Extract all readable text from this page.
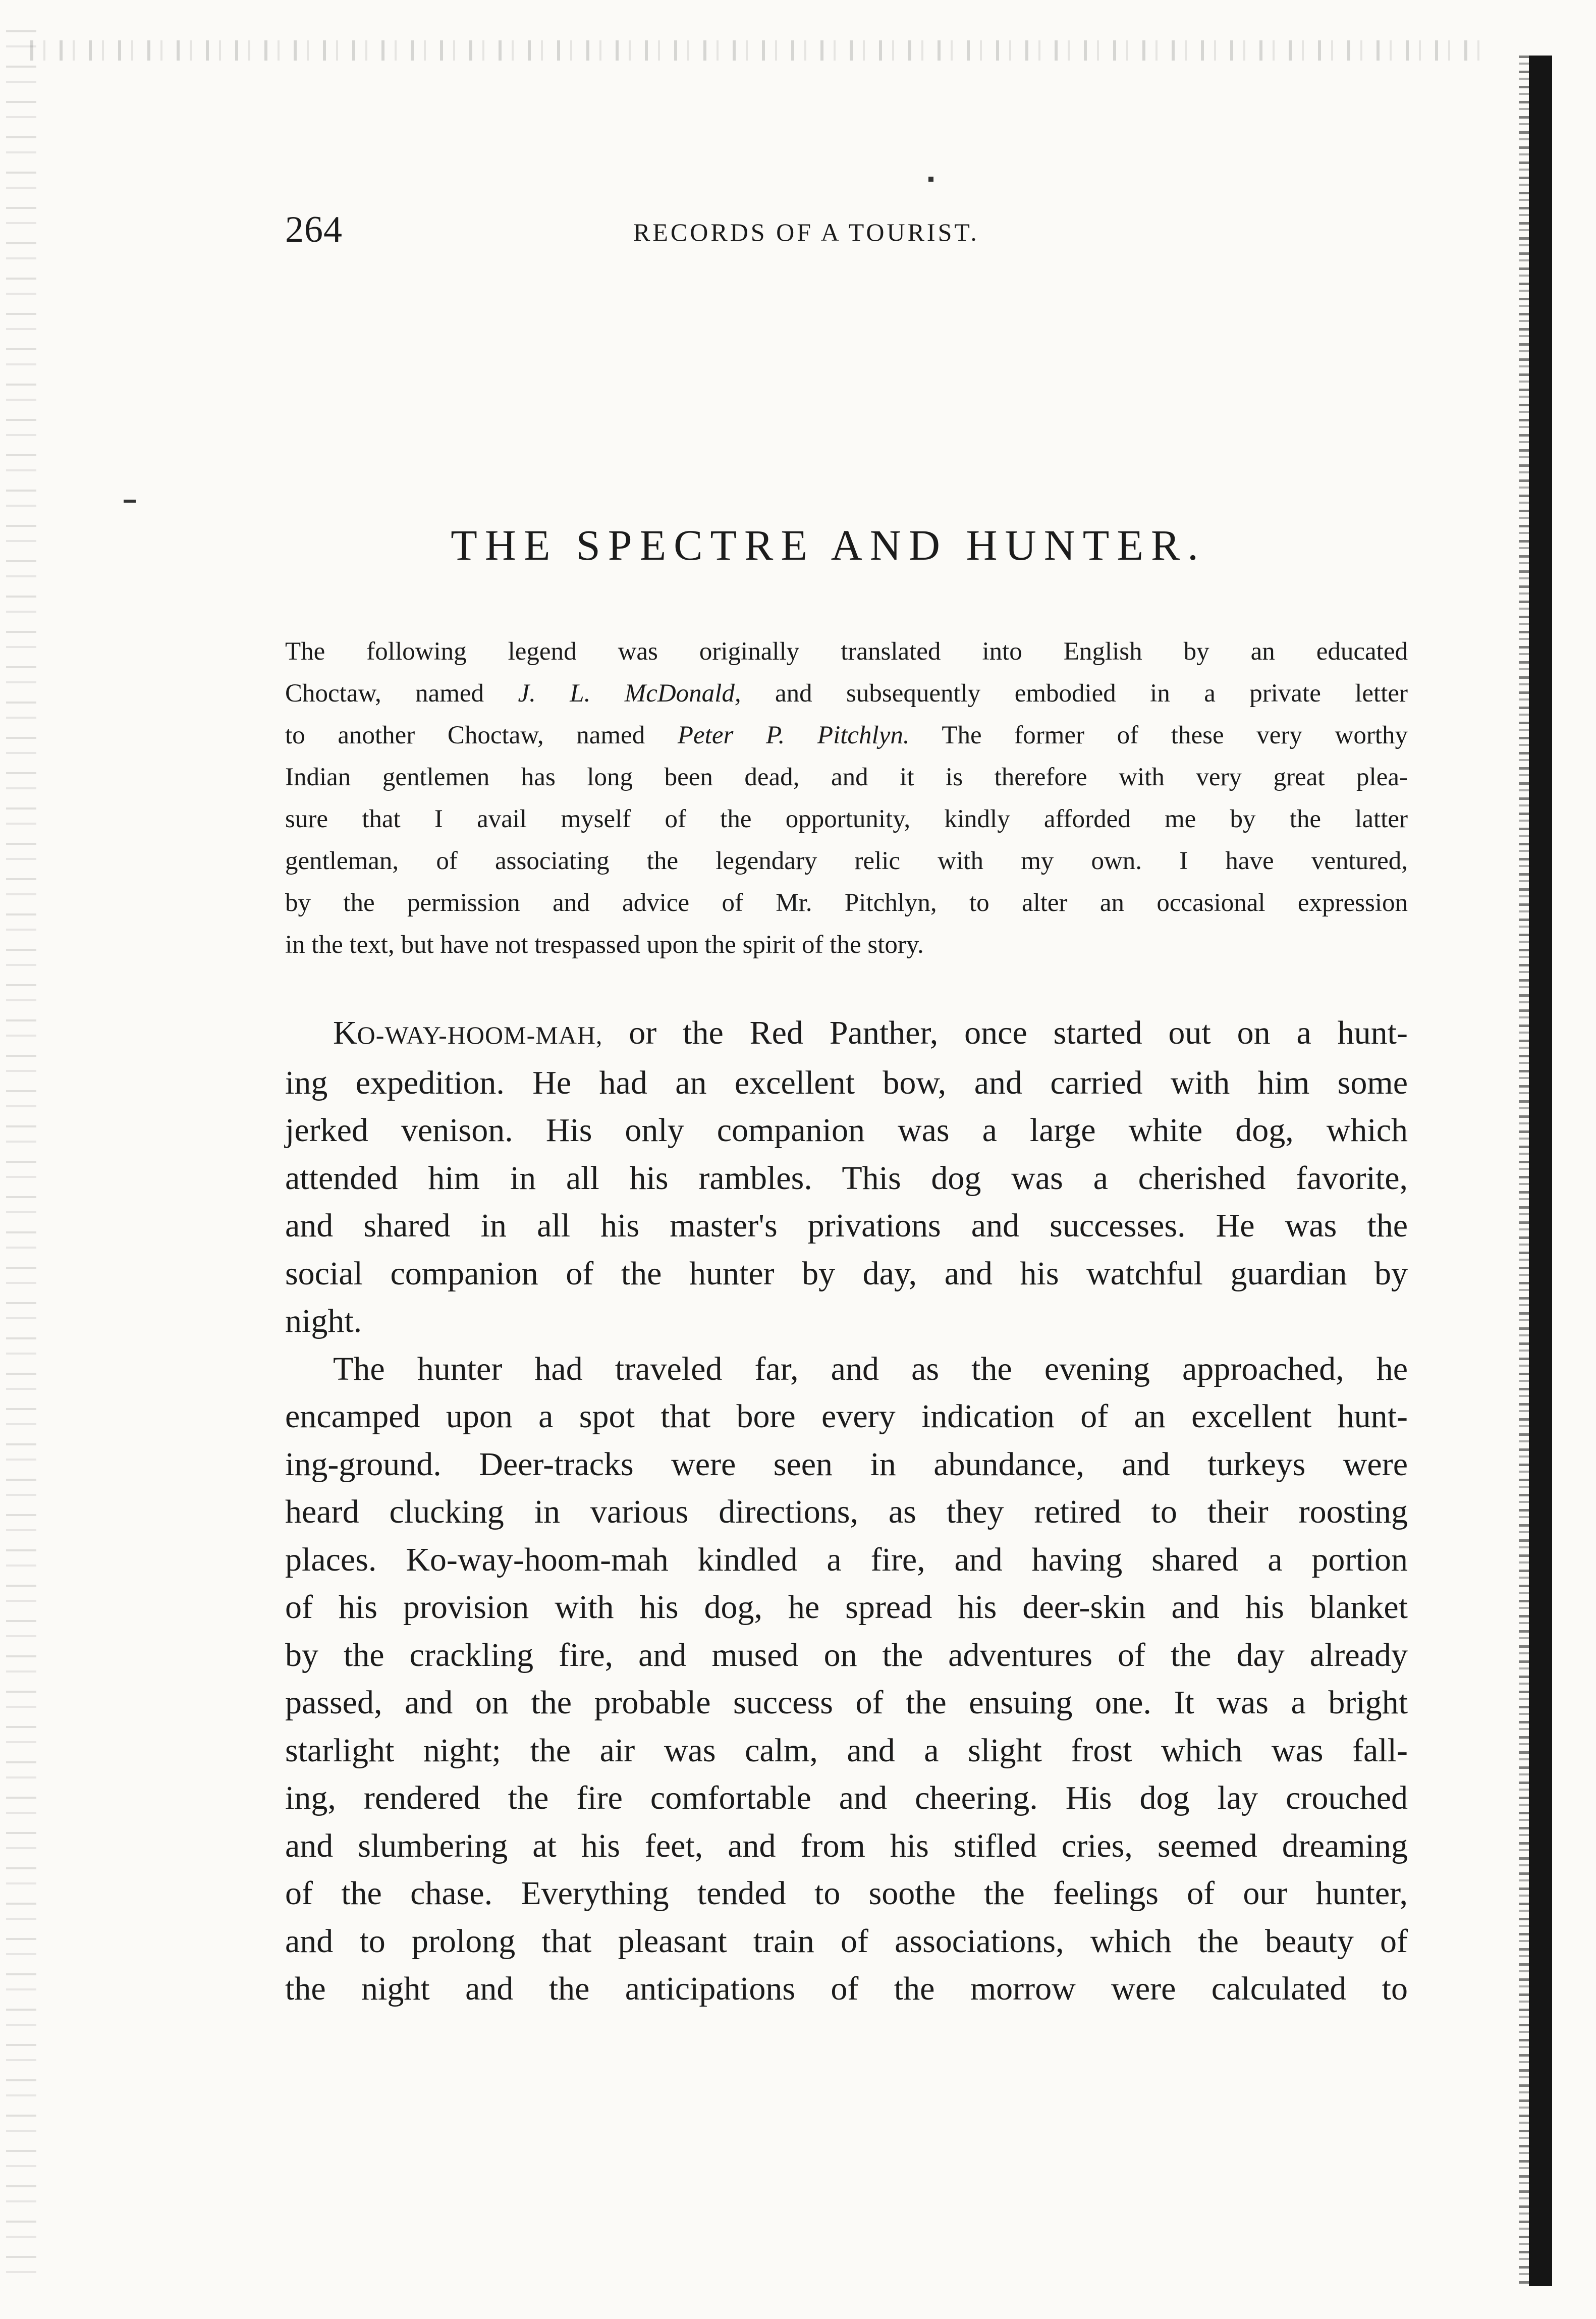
264	RECORDS OF A TOURIST.
THE SPECTRE AND HUNTER.
The following legend was originally translated into English by an educated
Choctaw, named J. L. McDonald, and subsequently embodied in a private letter
to another Choctaw, named Peter P. Pitchlyn. The former of these very worthy
Indian gentlemen has long been dead, and it is therefore with very great plea-
sure that I avail myself of the opportunity, kindly afforded me by the latter
gentleman, of associating the legendary relic with my own. I have ventured,
by the permission and advice of Mr. Pitchlyn, to alter an occasional expression
in the text, but have not trespassed upon the spirit of the story.
KO-WAY-HOOM-MAH, or the Red Panther, once started out on a hunt-
ing expedition. He had an excellent bow, and carried with him some
jerked venison. His only companion was a large white dog, which
attended him in all his rambles. This dog was a cherished favorite,
and shared in all his master's privations and successes. He was the
social companion of the hunter by day, and his watchful guardian by
night.
The hunter had traveled far, and as the evening approached, he
encamped upon a spot that bore every indication of an excellent hunt-
ing-ground. Deer-tracks were seen in abundance, and turkeys were
heard clucking in various directions, as they retired to their roosting
places. Ko-way-hoom-mah kindled a fire, and having shared a portion
of his provision with his dog, he spread his deer-skin and his blanket
by the crackling fire, and mused on the adventures of the day already
passed, and on the probable success of the ensuing one. It was a bright
starlight night; the air was calm, and a slight frost which was fall-
ing, rendered the fire comfortable and cheering. His dog lay crouched
and slumbering at his feet, and from his stifled cries, seemed dreaming
of the chase. Everything tended to soothe the feelings of our hunter,
and to prolong that pleasant train of associations, which the beauty of
the night and the anticipations of the morrow were calculated to
